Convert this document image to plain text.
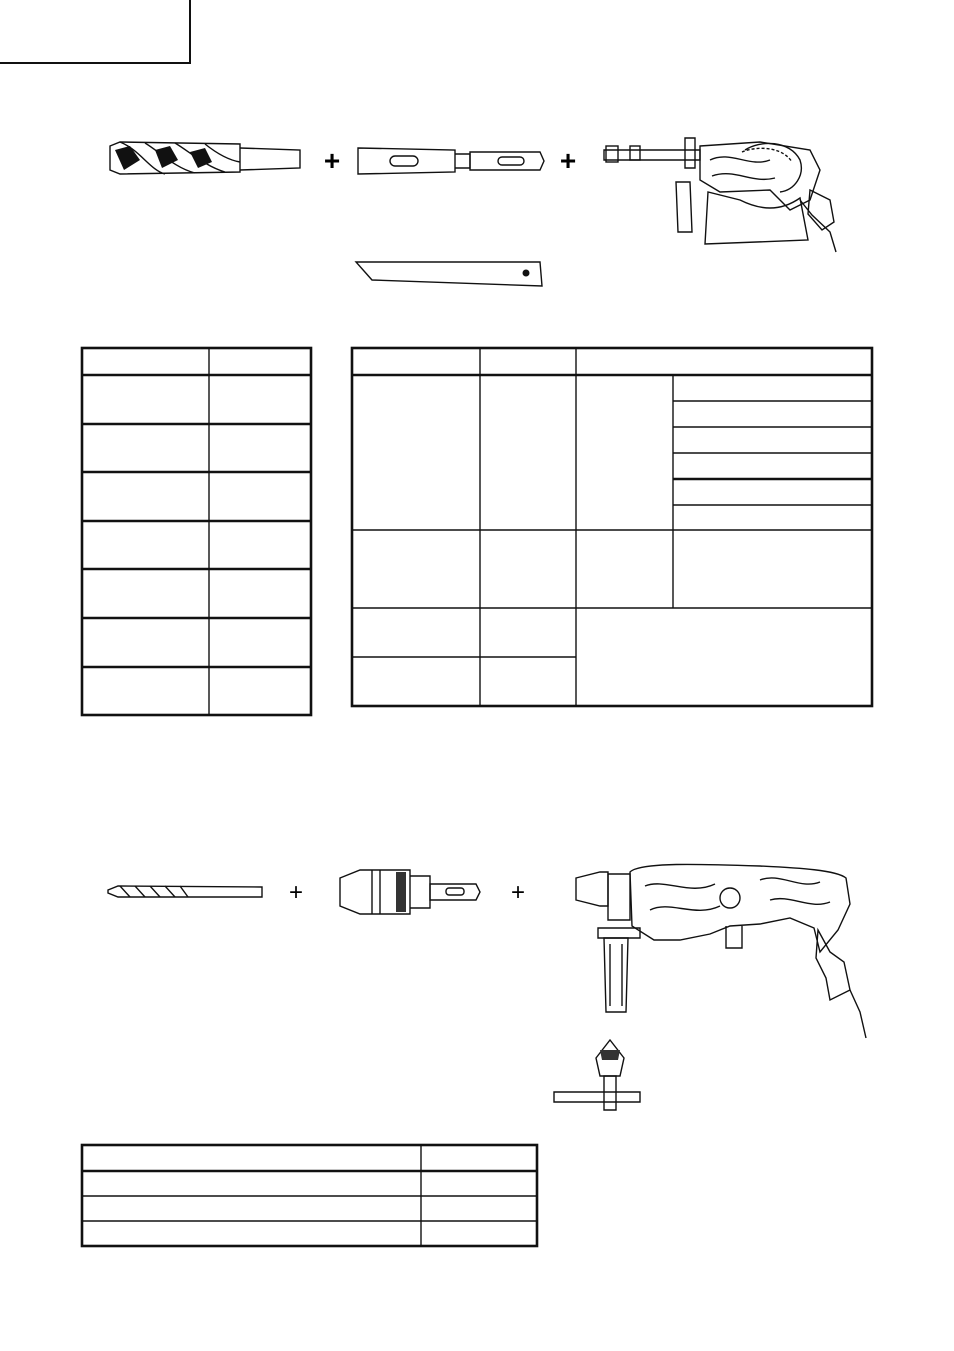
+	+
+	+
